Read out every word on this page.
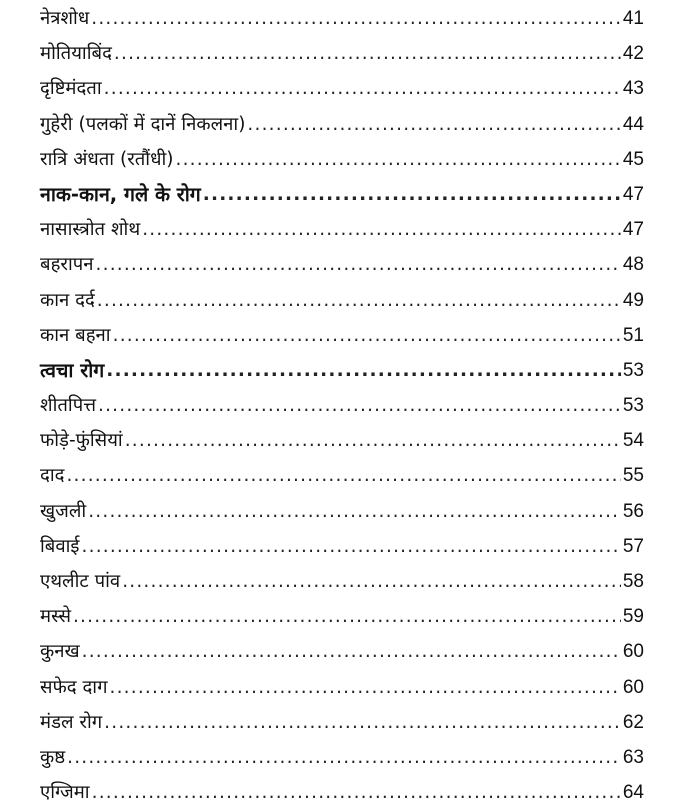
नेत्रशोध .....	41
मोतियाबिंद .....	42
दृष्टिमंदता .....	43
गुहेरी (पलकों में दानें निकलना) .....	44
रात्रि अंधता (रतौंधी) .....	45
नाक-कान, गले के रोग .....	47
नासास्त्रोत शोथ .....	47
बहरापन .....	48
कान दर्द .....	49
कान बहना .....	51
त्वचा रोग .....	53
शीतपित्त .....	53
फोड़े-फुंसियां .....	54
दाद .....	55
खुजली .....	56
बिवाई .....	57
एथलीट पांव .....	58
मस्से .....	59
कुनख .....	60
सफेद दाग .....	60
मंडल रोग .....	62
कुष्ठ .....	63
एग्जिमा .....	64
